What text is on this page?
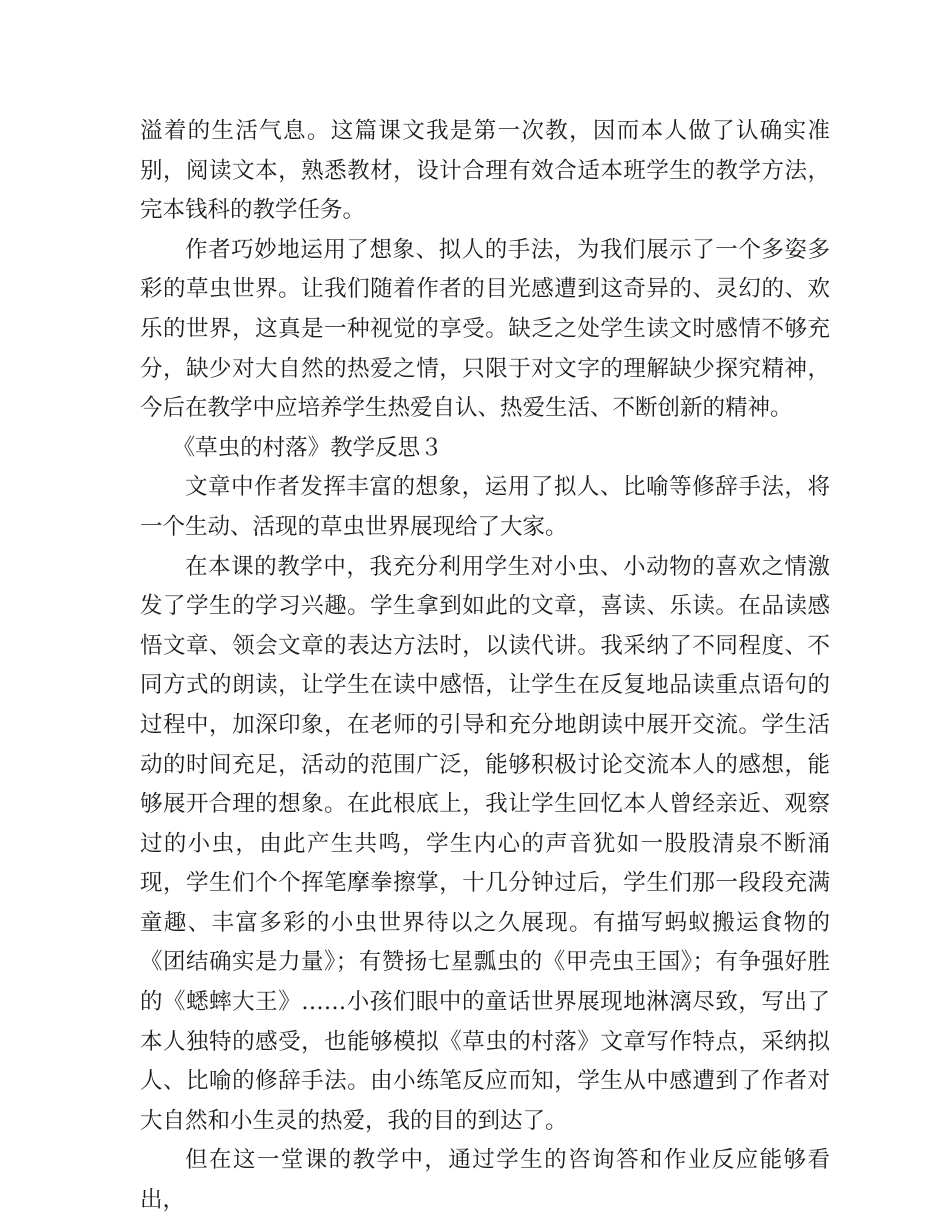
溢着的生活气息。这篇课文我是第一次教，因而本人做了认确实准别，阅读文本，熟悉教材，设计合理有效合适本班学生的教学方法，完本钱科的教学任务。

作者巧妙地运用了想象、拟人的手法，为我们展示了一个多姿多彩的草虫世界。让我们随着作者的目光感遭到这奇异的、灵幻的、欢乐的世界，这真是一种视觉的享受。缺乏之处学生读文时感情不够充分，缺少对大自然的热爱之情，只限于对文字的理解缺少探究精神，今后在教学中应培养学生热爱自认、热爱生活、不断创新的精神。

《草虫的村落》教学反思３

文章中作者发挥丰富的想象，运用了拟人、比喻等修辞手法，将一个生动、活现的草虫世界展现给了大家。

在本课的教学中，我充分利用学生对小虫、小动物的喜欢之情激发了学生的学习兴趣。学生拿到如此的文章，喜读、乐读。在品读感悟文章、领会文章的表达方法时，以读代讲。我采纳了不同程度、不同方式的朗读，让学生在读中感悟，让学生在反复地品读重点语句的过程中，加深印象，在老师的引导和充分地朗读中展开交流。学生活动的时间充足，活动的范围广泛，能够积极讨论交流本人的感想，能够展开合理的想象。在此根底上，我让学生回忆本人曾经亲近、观察过的小虫，由此产生共鸣，学生内心的声音犹如一股股清泉不断涌现，学生们个个挥笔摩拳擦掌，十几分钟过后，学生们那一段段充满童趣、丰富多彩的小虫世界待以之久展现。有描写蚂蚁搬运食物的《团结确实是力量》；有赞扬七星瓢虫的《甲壳虫王国》；有争强好胜的《蟋蟀大王》……小孩们眼中的童话世界展现地淋漓尽致，写出了本人独特的感受，也能够模拟《草虫的村落》文章写作特点，采纳拟人、比喻的修辞手法。由小练笔反应而知，学生从中感遭到了作者对大自然和小生灵的热爱，我的目的到达了。

但在这一堂课的教学中，通过学生的咨询答和作业反应能够看出，
